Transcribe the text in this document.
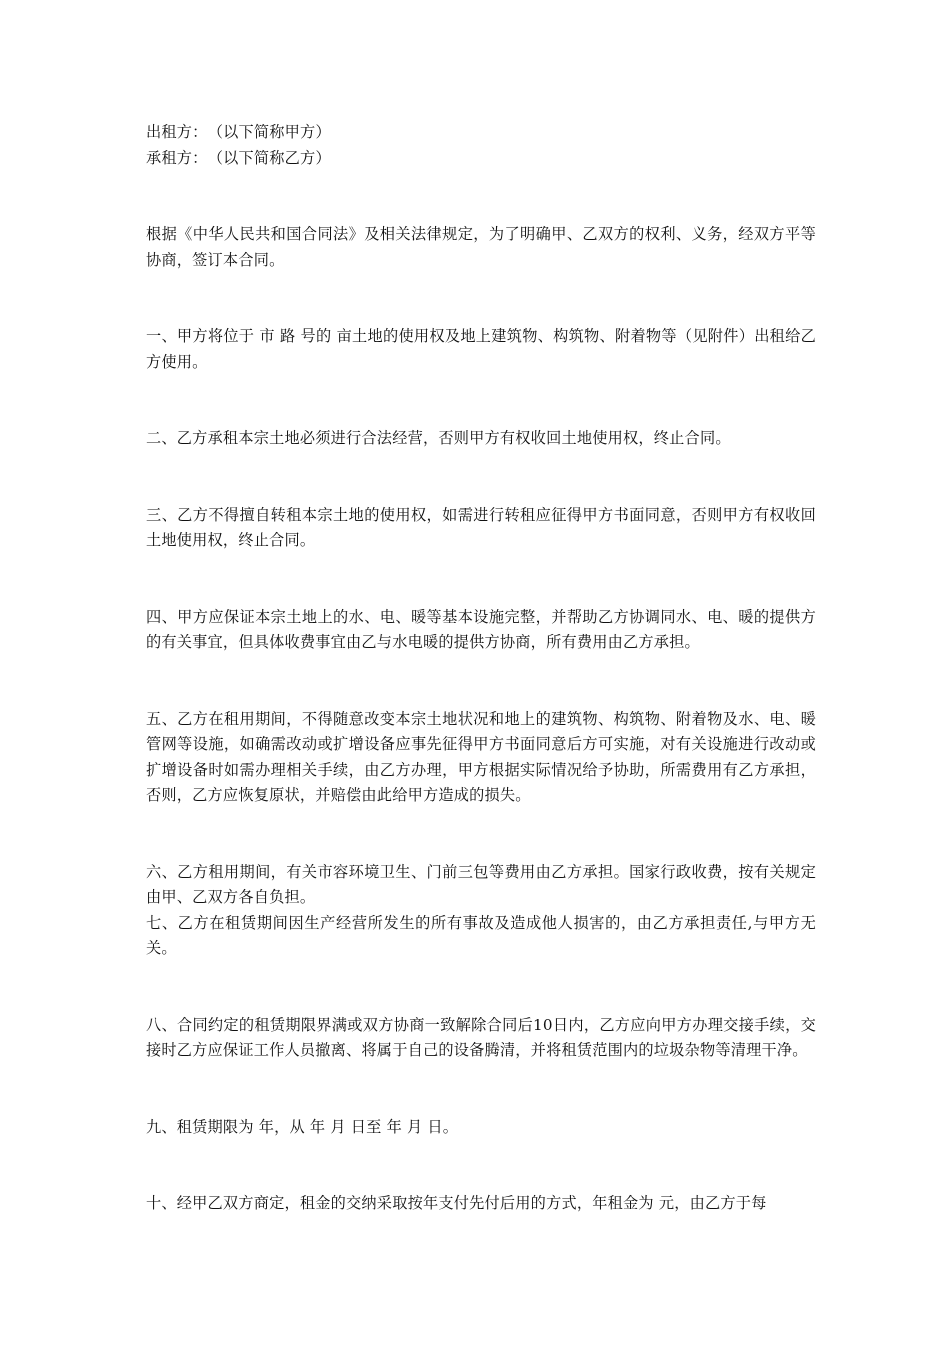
出租方：　（以下简称甲方）

承租方：　（以下简称乙方）

根据《中华人民共和国合同法》及相关法律规定，为了明确甲、乙双方的权利、义务，经双方平等协商，签订本合同。

一、甲方将位于 市 路 号的 亩土地的使用权及地上建筑物、构筑物、附着物等（见附件）出租给乙方使用。

二、乙方承租本宗土地必须进行合法经营，否则甲方有权收回土地使用权，终止合同。

三、乙方不得擅自转租本宗土地的使用权，如需进行转租应征得甲方书面同意，否则甲方有权收回土地使用权，终止合同。

四、甲方应保证本宗土地上的水、电、暖等基本设施完整，并帮助乙方协调同水、电、暖的提供方的有关事宜，但具体收费事宜由乙与水电暖的提供方协商，所有费用由乙方承担。

五、乙方在租用期间，不得随意改变本宗土地状况和地上的建筑物、构筑物、附着物及水、电、暖管网等设施，如确需改动或扩增设备应事先征得甲方书面同意后方可实施，对有关设施进行改动或扩增设备时如需办理相关手续，由乙方办理，甲方根据实际情况给予协助，所需费用有乙方承担，否则，乙方应恢复原状，并赔偿由此给甲方造成的损失。

六、乙方租用期间，有关市容环境卫生、门前三包等费用由乙方承担。国家行政收费，按有关规定由甲、乙双方各自负担。

七、乙方在租赁期间因生产经营所发生的所有事故及造成他人损害的，由乙方承担责任,与甲方无关。

八、合同约定的租赁期限界满或双方协商一致解除合同后10日内，乙方应向甲方办理交接手续，交接时乙方应保证工作人员撤离、将属于自己的设备腾清，并将租赁范围内的垃圾杂物等清理干净。

九、租赁期限为 年，从 年 月 日至 年 月 日。

十、经甲乙双方商定，租金的交纳采取按年支付先付后用的方式，年租金为 元，由乙方于每
